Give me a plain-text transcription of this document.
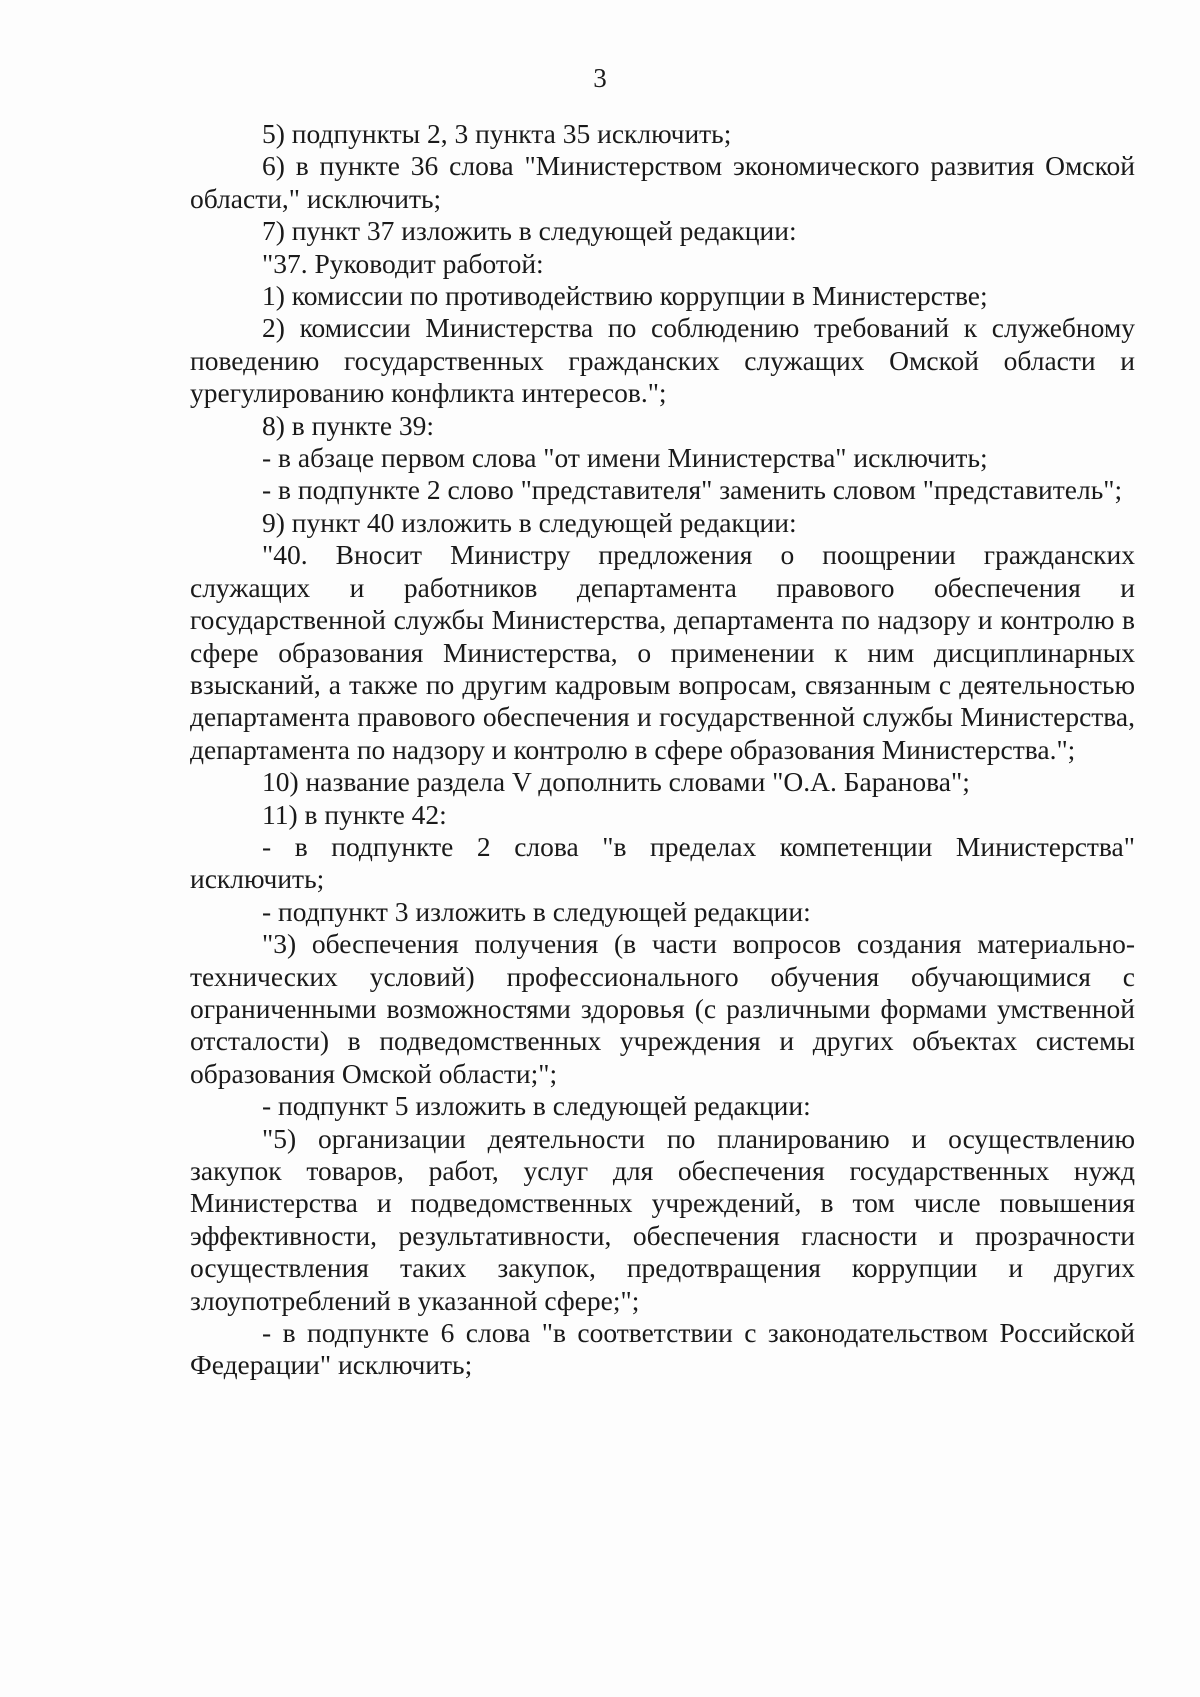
3

5) подпункты 2, 3 пункта 35 исключить;

6) в пункте 36 слова "Министерством экономического развития Омской области," исключить;

7) пункт 37 изложить в следующей редакции:

"37. Руководит работой:

1) комиссии по противодействию коррупции в Министерстве;

2) комиссии Министерства по соблюдению требований к служебному поведению государственных гражданских служащих Омской области и урегулированию конфликта интересов.";

8) в пункте 39:

- в абзаце первом слова "от имени Министерства" исключить;

- в подпункте 2 слово "представителя" заменить словом "представитель";

9) пункт 40 изложить в следующей редакции:

"40. Вносит Министру предложения о поощрении гражданских служащих и работников департамента правового обеспечения и государственной службы Министерства, департамента по надзору и контролю в сфере образования Министерства, о применении к ним дисциплинарных взысканий, а также по другим кадровым вопросам, связанным с деятельностью департамента правового обеспечения и государственной службы Министерства, департамента по надзору и контролю в сфере образования Министерства.";

10) название раздела V дополнить словами "О.А. Баранова";

11) в пункте 42:

- в подпункте 2 слова "в пределах компетенции Министерства" исключить;

- подпункт 3 изложить в следующей редакции:

"3) обеспечения получения (в части вопросов создания материально-технических условий) профессионального обучения обучающимися с ограниченными возможностями здоровья (с различными формами умственной отсталости) в подведомственных учреждения и других объектах системы образования Омской области;";

- подпункт 5 изложить в следующей редакции:

"5) организации деятельности по планированию и осуществлению закупок товаров, работ, услуг для обеспечения государственных нужд Министерства и подведомственных учреждений, в том числе повышения эффективности, результативности, обеспечения гласности и прозрачности осуществления таких закупок, предотвращения коррупции и других злоупотреблений в указанной сфере;";

- в подпункте 6 слова "в соответствии с законодательством Российской Федерации" исключить;
